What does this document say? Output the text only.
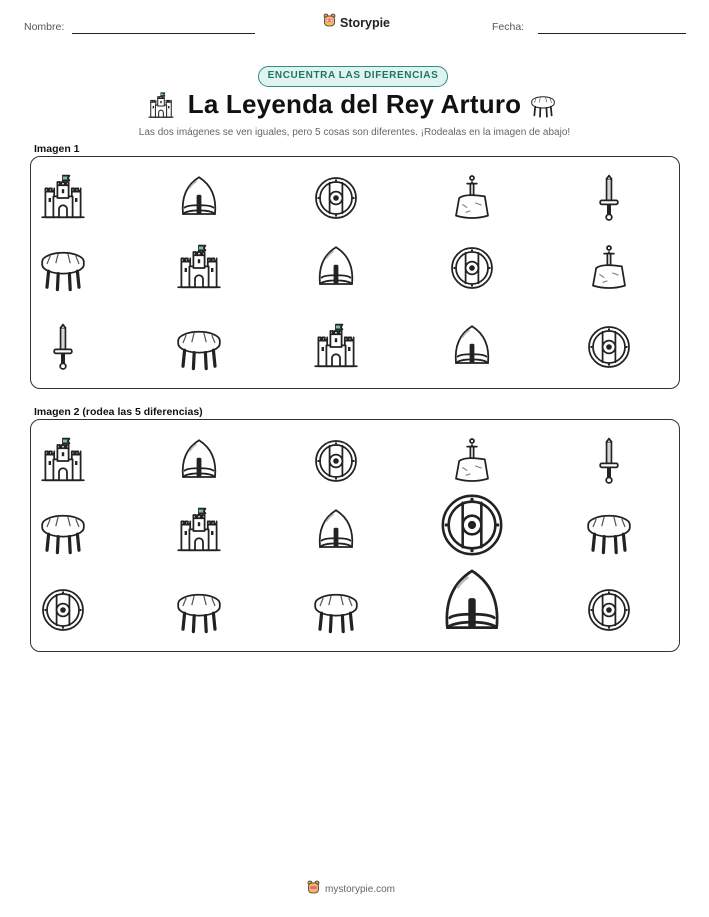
Nombre:	Fecha:
Storypie
ENCUENTRA LAS DIFERENCIAS
La Leyenda del Rey Arturo
Las dos imágenes se ven iguales, pero 5 cosas son diferentes. ¡Rodealas en la imagen de abajo!
Imagen 1
Imagen 2 (rodea las 5 diferencias)
mystorypie.com
